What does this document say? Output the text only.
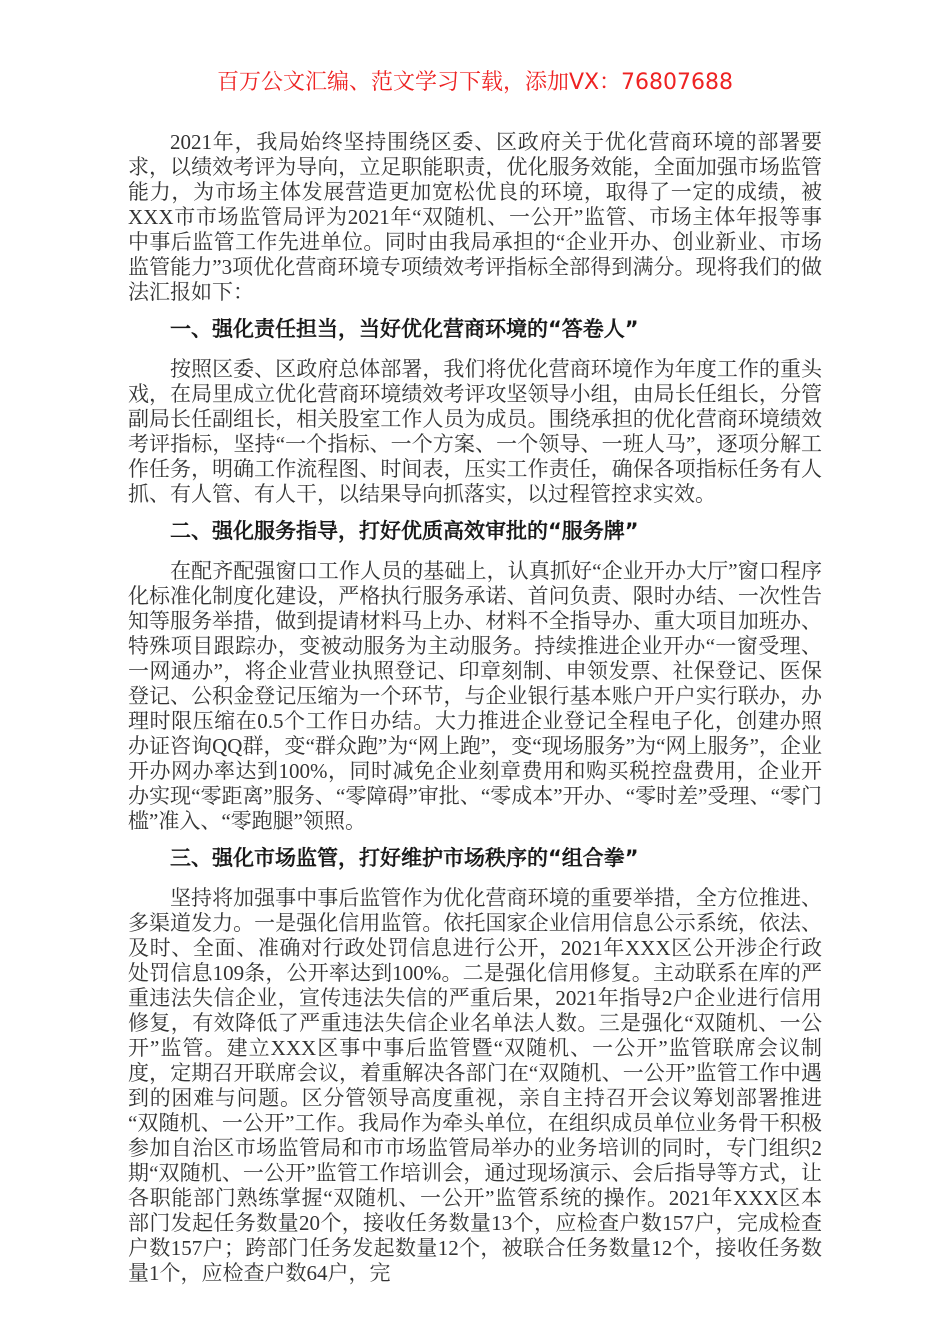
百万公文汇编、范文学习下载，添加VX：76807688

2021年，我局始终坚持围绕区委、区政府关于优化营商环境的部署要求，以绩效考评为导向，立足职能职责，优化服务效能，全面加强市场监管能力，为市场主体发展营造更加宽松优良的环境，取得了一定的成绩，被XXX市市场监管局评为2021年“双随机、一公开”监管、市场主体年报等事中事后监管工作先进单位。同时由我局承担的“企业开办、创业新业、市场监管能力”3项优化营商环境专项绩效考评指标全部得到满分。现将我们的做法汇报如下：

一、强化责任担当，当好优化营商环境的“答卷人”

按照区委、区政府总体部署，我们将优化营商环境作为年度工作的重头戏，在局里成立优化营商环境绩效考评攻坚领导小组，由局长任组长，分管副局长任副组长，相关股室工作人员为成员。围绕承担的优化营商环境绩效考评指标，坚持“一个指标、一个方案、一个领导、一班人马”，逐项分解工作任务，明确工作流程图、时间表，压实工作责任，确保各项指标任务有人抓、有人管、有人干，以结果导向抓落实，以过程管控求实效。

二、强化服务指导，打好优质高效审批的“服务牌”

在配齐配强窗口工作人员的基础上，认真抓好“企业开办大厅”窗口程序化标准化制度化建设，严格执行服务承诺、首问负责、限时办结、一次性告知等服务举措，做到提请材料马上办、材料不全指导办、重大项目加班办、特殊项目跟踪办，变被动服务为主动服务。持续推进企业开办“一窗受理、一网通办”，将企业营业执照登记、印章刻制、申领发票、社保登记、医保登记、公积金登记压缩为一个环节，与企业银行基本账户开户实行联办，办理时限压缩在0.5个工作日办结。大力推进企业登记全程电子化，创建办照办证咨询QQ群，变“群众跑”为“网上跑”，变“现场服务”为“网上服务”，企业开办网办率达到100%，同时减免企业刻章费用和购买税控盘费用，企业开办实现“零距离”服务、“零障碍”审批、“零成本”开办、“零时差”受理、“零门槛”准入、“零跑腿”领照。

三、强化市场监管，打好维护市场秩序的“组合拳”

坚持将加强事中事后监管作为优化营商环境的重要举措，全方位推进、多渠道发力。一是强化信用监管。依托国家企业信用信息公示系统，依法、及时、全面、准确对行政处罚信息进行公开，2021年XXX区公开涉企行政处罚信息109条，公开率达到100%。二是强化信用修复。主动联系在库的严重违法失信企业，宣传违法失信的严重后果，2021年指导2户企业进行信用修复，有效降低了严重违法失信企业名单法人数。三是强化“双随机、一公开”监管。建立XXX区事中事后监管暨“双随机、一公开”监管联席会议制度，定期召开联席会议，着重解决各部门在“双随机、一公开”监管工作中遇到的困难与问题。区分管领导高度重视，亲自主持召开会议筹划部署推进“双随机、一公开”工作。我局作为牵头单位，在组织成员单位业务骨干积极参加自治区市场监管局和市市场监管局举办的业务培训的同时，专门组织2期“双随机、一公开”监管工作培训会，通过现场演示、会后指导等方式，让各职能部门熟练掌握“双随机、一公开”监管系统的操作。2021年XXX区本部门发起任务数量20个，接收任务数量13个，应检查户数157户，完成检查户数157户；跨部门任务发起数量12个，被联合任务数量12个，接收任务数量1个，应检查户数64户，完
